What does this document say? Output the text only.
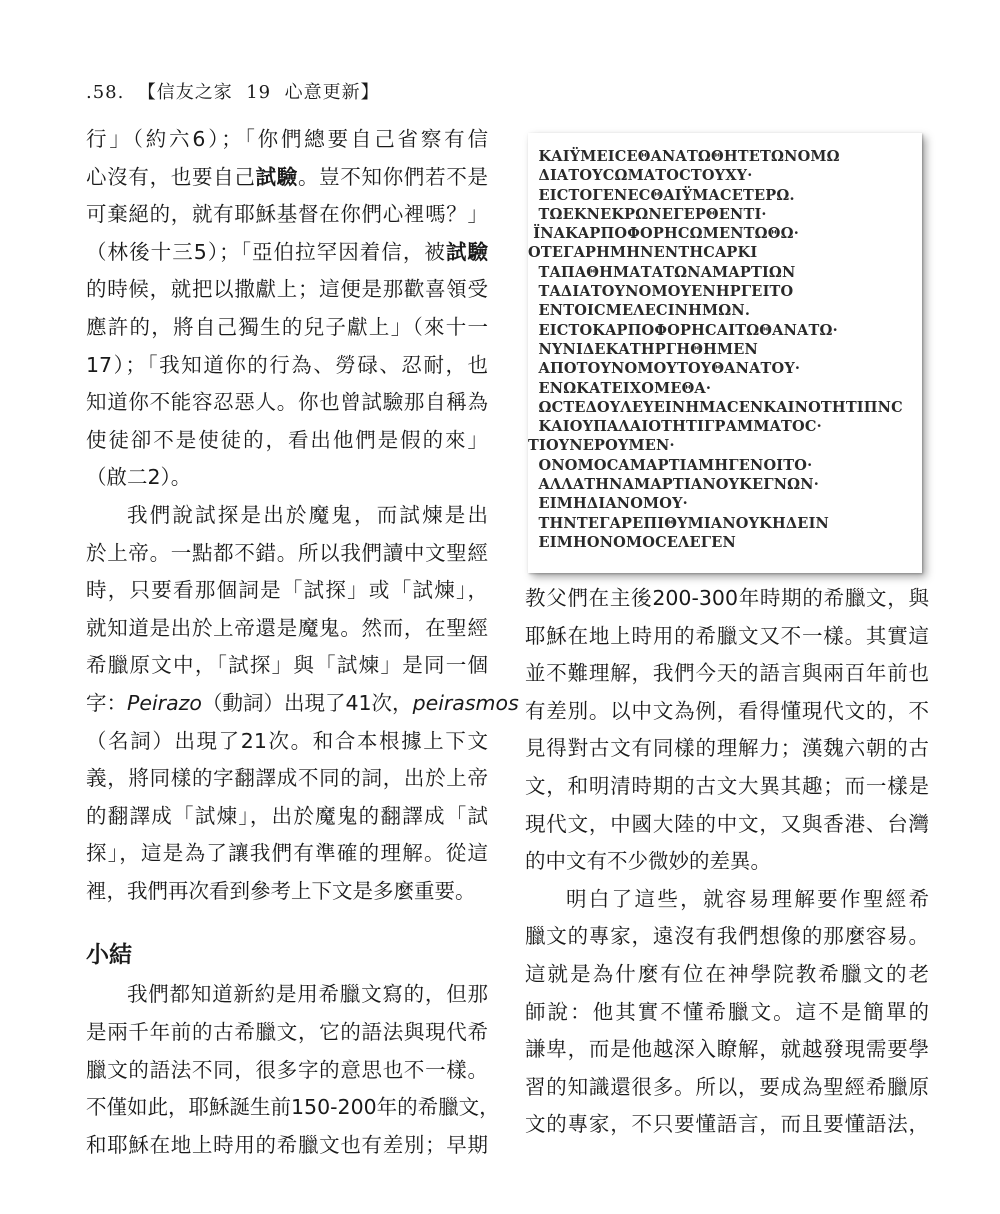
.58.  【信友之家  19  心意更新】
行」（約六6）；「你們總要自己省察有信
心沒有，也要自己試驗。豈不知你們若不是
可棄絕的，就有耶穌基督在你們心裡嗎？」
（林後十三5）；「亞伯拉罕因着信，被試驗
的時候，就把以撒獻上；這便是那歡喜領受
應許的，將自己獨生的兒子獻上」（來十一
17）；「我知道你的行為、勞碌、忍耐，也
知道你不能容忍惡人。你也曾試驗那自稱為
使徒卻不是使徒的，看出他們是假的來」
（啟二2）。
我們說試探是出於魔鬼，而試煉是出
於上帝。一點都不錯。所以我們讀中文聖經
時，只要看那個詞是「試探」或「試煉」，
就知道是出於上帝還是魔鬼。然而，在聖經
希臘原文中，「試探」與「試煉」是同一個
字：Peirazo（動詞）出現了41次，peirasmos
（名詞）出現了21次。和合本根據上下文
義，將同樣的字翻譯成不同的詞，出於上帝
的翻譯成「試煉」，出於魔鬼的翻譯成「試
探」，這是為了讓我們有準確的理解。從這
裡，我們再次看到參考上下文是多麼重要。
小結
我們都知道新約是用希臘文寫的，但那
是兩千年前的古希臘文，它的語法與現代希
臘文的語法不同，很多字的意思也不一樣。
不僅如此，耶穌誕生前150-200年的希臘文，
和耶穌在地上時用的希臘文也有差別；早期
ΚΑΙΫΜΕΙϹΕΘΑΝΑΤΩΘΗΤΕΤΩΝΟΜΩ
ΔΙΑΤΟΥϹΩΜΑΤΟϹΤΟΥΧΥ·
ΕΙϹΤΟΓΕΝΕϹΘΑΙΫΜΑϹΕΤΕΡΩ.
ΤΩΕΚΝΕΚΡΩΝΕΓΕΡΘΕΝΤΙ·
ΪΝΑΚΑΡΠΟΦΟΡΗϹΩΜΕΝΤΩΘΩ·
ΟΤΕΓΑΡΗΜΗΝΕΝΤΗϹΑΡΚΙ
ΤΑΠΑΘΗΜΑΤΑΤΩΝΑΜΑΡΤΙΩΝ
ΤΑΔΙΑΤΟΥΝΟΜΟΥΕΝΗΡΓΕΙΤΟ
ΕΝΤΟΙϹΜΕΛΕϹΙΝΗΜΩΝ.
ΕΙϹΤΟΚΑΡΠΟΦΟΡΗϹΑΙΤΩΘΑΝΑΤΩ·
ΝΥΝΙΔΕΚΑΤΗΡΓΗΘΗΜΕΝ
ΑΠΟΤΟΥΝΟΜΟΥΤΟΥΘΑΝΑΤΟΥ·
ΕΝΩΚΑΤΕΙΧΟΜΕΘΑ·
ΩϹΤΕΔΟΥΛΕΥΕΙΝΗΜΑϹΕΝΚΑΙΝΟΤΗΤΙΠΝϹ
ΚΑΙΟΥΠΑΛΑΙΟΤΗΤΙΓΡΑΜΜΑΤΟϹ·
ΤΙΟΥΝΕΡΟΥΜΕΝ·
ΟΝΟΜΟϹΑΜΑΡΤΙΑΜΗΓΕΝΟΙΤΟ·
ΑΛΛΑΤΗΝΑΜΑΡΤΙΑΝΟΥΚΕΓΝΩΝ·
ΕΙΜΗΔΙΑΝΟΜΟΥ·
ΤΗΝΤΕΓΑΡΕΠΙΘΥΜΙΑΝΟΥΚΗΔΕΙΝ
ΕΙΜΗΟΝΟΜΟϹΕΛΕΓΕΝ
教父們在主後200-300年時期的希臘文，與
耶穌在地上時用的希臘文又不一樣。其實這
並不難理解，我們今天的語言與兩百年前也
有差別。以中文為例，看得懂現代文的，不
見得對古文有同樣的理解力；漢魏六朝的古
文，和明清時期的古文大異其趣；而一樣是
現代文，中國大陸的中文，又與香港、台灣
的中文有不少微妙的差異。
明白了這些，就容易理解要作聖經希
臘文的專家，遠沒有我們想像的那麼容易。
這就是為什麼有位在神學院教希臘文的老
師說：他其實不懂希臘文。這不是簡單的
謙卑，而是他越深入瞭解，就越發現需要學
習的知識還很多。所以，要成為聖經希臘原
文的專家，不只要懂語言，而且要懂語法，
